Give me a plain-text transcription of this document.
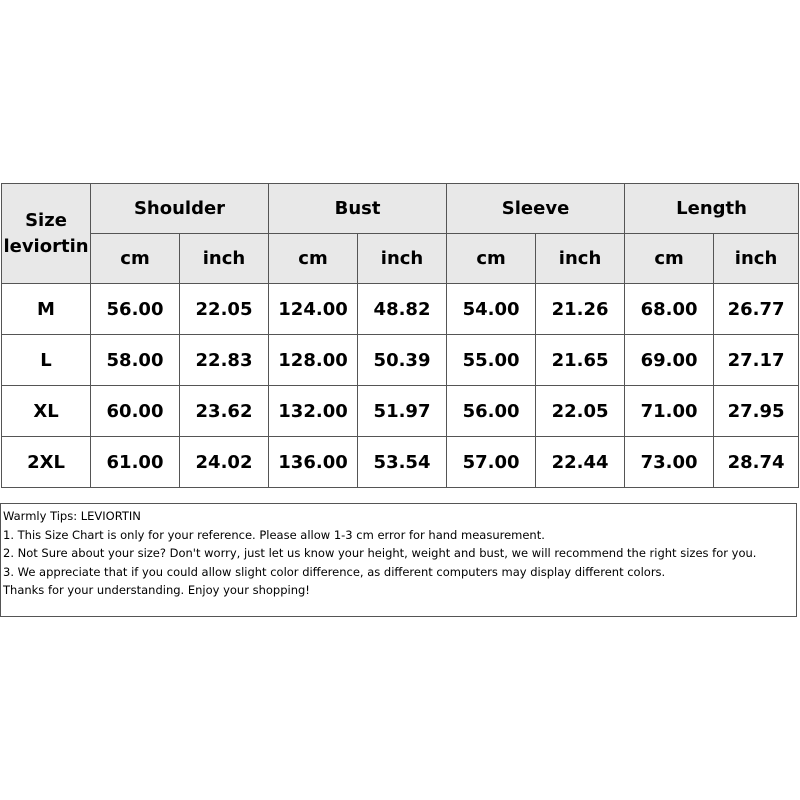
Size
leviortin	Shoulder		Bust		Sleeve		Length	
	cm	inch	cm	inch	cm	inch	cm	inch
M	56.00	22.05	124.00	48.82	54.00	21.26	68.00	26.77
L	58.00	22.83	128.00	50.39	55.00	21.65	69.00	27.17
XL	60.00	23.62	132.00	51.97	56.00	22.05	71.00	27.95
2XL	61.00	24.02	136.00	53.54	57.00	22.44	73.00	28.74
Warmly Tips: LEVIORTIN
1. This Size Chart is only for your reference. Please allow 1-3 cm error for hand measurement.
2. Not Sure about your size? Don't worry, just let us know your height, weight and bust, we will recommend the right sizes for you.
3. We appreciate that if you could allow slight color difference, as different computers may display different colors.
Thanks for your understanding. Enjoy your shopping!
